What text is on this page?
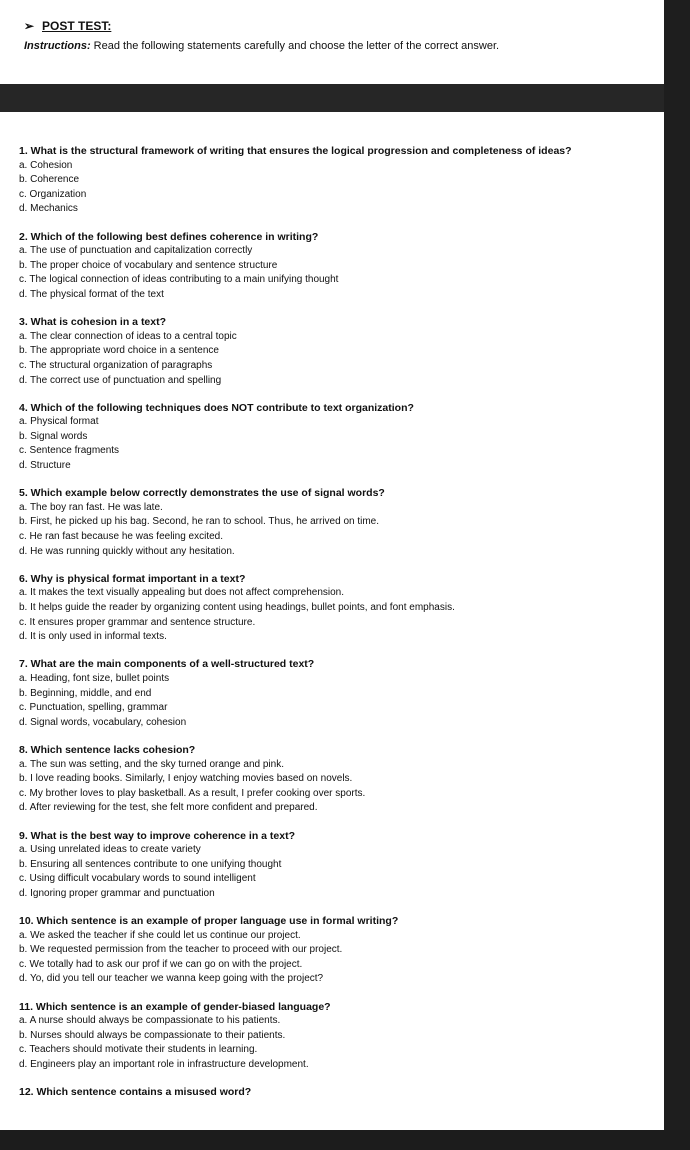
➢ POST TEST:
Instructions: Read the following statements carefully and choose the letter of the correct answer.
1. What is the structural framework of writing that ensures the logical progression and completeness of ideas?
a. Cohesion
b. Coherence
c. Organization
d. Mechanics
2. Which of the following best defines coherence in writing?
a. The use of punctuation and capitalization correctly
b. The proper choice of vocabulary and sentence structure
c. The logical connection of ideas contributing to a main unifying thought
d. The physical format of the text
3. What is cohesion in a text?
a. The clear connection of ideas to a central topic
b. The appropriate word choice in a sentence
c. The structural organization of paragraphs
d. The correct use of punctuation and spelling
4. Which of the following techniques does NOT contribute to text organization?
a. Physical format
b. Signal words
c. Sentence fragments
d. Structure
5. Which example below correctly demonstrates the use of signal words?
a. The boy ran fast. He was late.
b. First, he picked up his bag. Second, he ran to school. Thus, he arrived on time.
c. He ran fast because he was feeling excited.
d. He was running quickly without any hesitation.
6. Why is physical format important in a text?
a. It makes the text visually appealing but does not affect comprehension.
b. It helps guide the reader by organizing content using headings, bullet points, and font emphasis.
c. It ensures proper grammar and sentence structure.
d. It is only used in informal texts.
7. What are the main components of a well-structured text?
a. Heading, font size, bullet points
b. Beginning, middle, and end
c. Punctuation, spelling, grammar
d. Signal words, vocabulary, cohesion
8. Which sentence lacks cohesion?
a. The sun was setting, and the sky turned orange and pink.
b. I love reading books. Similarly, I enjoy watching movies based on novels.
c. My brother loves to play basketball. As a result, I prefer cooking over sports.
d. After reviewing for the test, she felt more confident and prepared.
9. What is the best way to improve coherence in a text?
a. Using unrelated ideas to create variety
b. Ensuring all sentences contribute to one unifying thought
c. Using difficult vocabulary words to sound intelligent
d. Ignoring proper grammar and punctuation
10. Which sentence is an example of proper language use in formal writing?
a. We asked the teacher if she could let us continue our project.
b. We requested permission from the teacher to proceed with our project.
c. We totally had to ask our prof if we can go on with the project.
d. Yo, did you tell our teacher we wanna keep going with the project?
11. Which sentence is an example of gender-biased language?
a. A nurse should always be compassionate to his patients.
b. Nurses should always be compassionate to their patients.
c. Teachers should motivate their students in learning.
d. Engineers play an important role in infrastructure development.
12. Which sentence contains a misused word?
